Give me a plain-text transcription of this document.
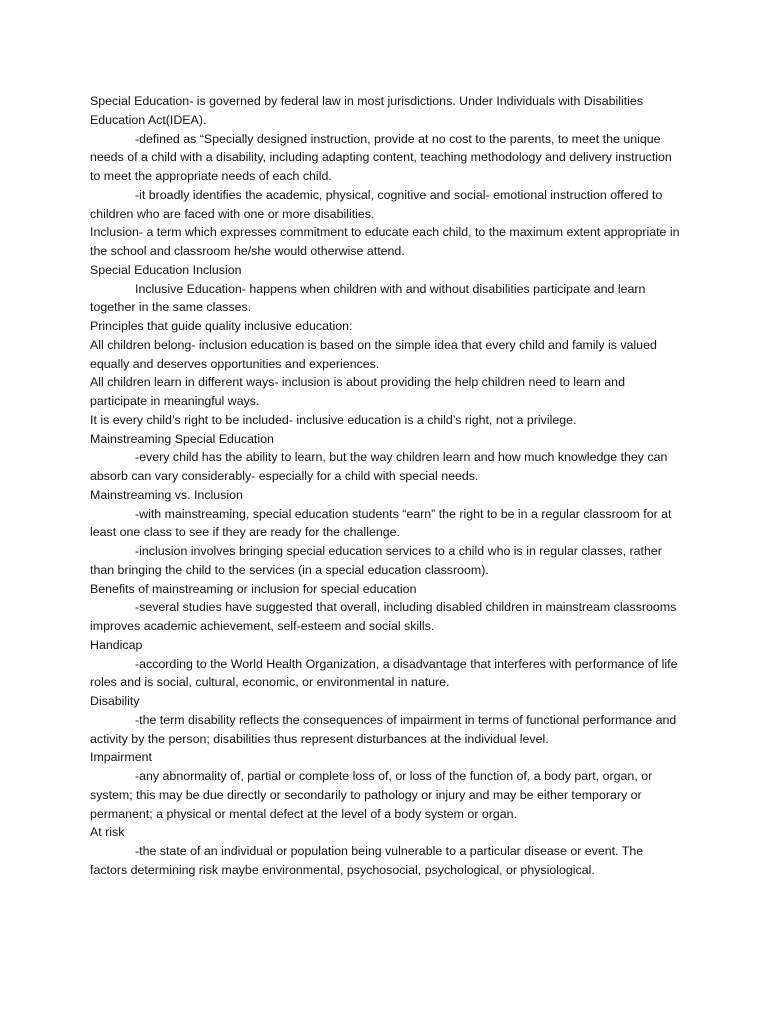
Special Education- is governed by federal law in most jurisdictions. Under Individuals with Disabilities Education Act(IDEA).

-defined as “Specially designed instruction, provide at no cost to the parents, to meet the unique needs of a child with a disability, including adapting content, teaching methodology and delivery instruction to meet the appropriate needs of each child.

-it broadly identifies the academic, physical, cognitive and social- emotional instruction offered to children who are faced with one or more disabilities.

Inclusion- a term which expresses commitment to educate each child, to the maximum extent appropriate in the school and classroom he/she would otherwise attend.

Special Education Inclusion

Inclusive Education- happens when children with and without disabilities participate and learn together in the same classes.

Principles that guide quality inclusive education:

All children belong- inclusion education is based on the simple idea that every child and family is valued equally and deserves opportunities and experiences.

All children learn in different ways- inclusion is about providing the help children need to learn and participate in meaningful ways.

It is every child’s right to be included- inclusive education is a child’s right, not a privilege.

Mainstreaming Special Education

-every child has the ability to learn, but the way children learn and how much knowledge they can absorb can vary considerably- especially for a child with special needs.

Mainstreaming vs. Inclusion

-with mainstreaming, special education students “earn” the right to be in a regular classroom for at least one class to see if they are ready for the challenge.

-inclusion involves bringing special education services to a child who is in regular classes, rather than bringing the child to the services (in a special education classroom).

Benefits of mainstreaming or inclusion for special education

-several studies have suggested that overall, including disabled children in mainstream classrooms improves academic achievement, self-esteem and social skills.

Handicap

-according to the World Health Organization, a disadvantage that interferes with performance of life roles and is social, cultural, economic, or environmental in nature.

Disability

-the term disability reflects the consequences of impairment in terms of functional performance and activity by the person; disabilities thus represent disturbances at the individual level.

Impairment

-any abnormality of, partial or complete loss of, or loss of the function of, a body part, organ, or system; this may be due directly or secondarily to pathology or injury and may be either temporary or permanent; a physical or mental defect at the level of a body system or organ.

At risk

-the state of an individual or population being vulnerable to a particular disease or event. The factors determining risk maybe environmental, psychosocial, psychological, or physiological.
